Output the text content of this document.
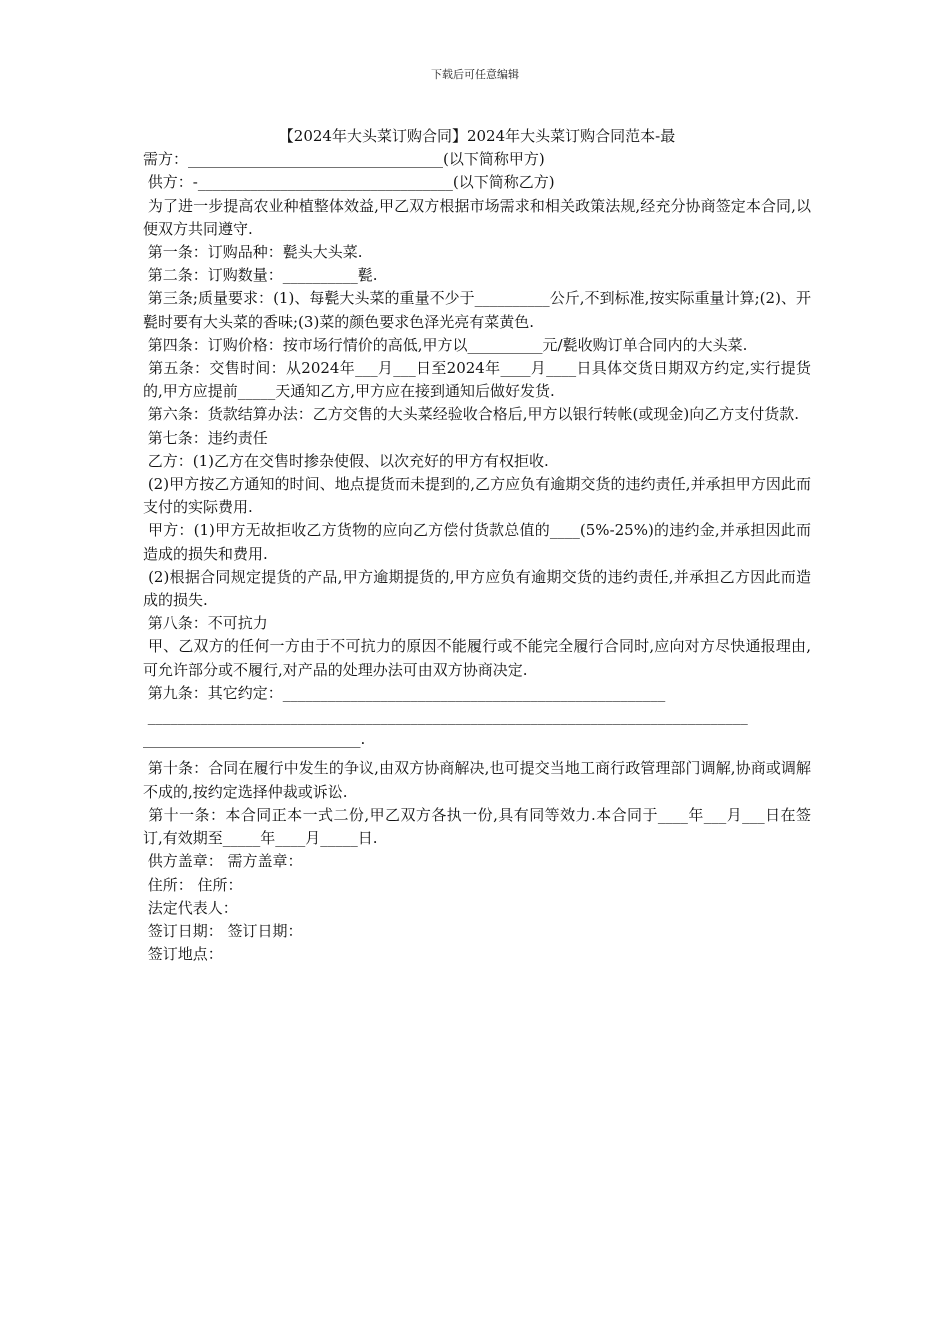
下载后可任意编辑
【2024年大头菜订购合同】2024年大头菜订购合同范本-最
需方：__________________________________(以下简称甲方)
供方：-__________________________________(以下简称乙方)
为了进一步提高农业种植整体效益,甲乙双方根据市场需求和相关政策法规,经充分协商签定本合同,以便双方共同遵守.
第一条：订购品种：甏头大头菜.
第二条：订购数量：__________甏.
第三条;质量要求：(1)、每甏大头菜的重量不少于__________公斤,不到标准,按实际重量计算;(2)、开甏时要有大头菜的香味;(3)菜的颜色要求色泽光亮有菜黄色.
第四条：订购价格：按市场行情价的高低,甲方以__________元/甏收购订单合同内的大头菜.
第五条：交售时间：从2024年___月___日至2024年____月____日具体交货日期双方约定,实行提货的,甲方应提前_____天通知乙方,甲方应在接到通知后做好发货.
第六条：货款结算办法：乙方交售的大头菜经验收合格后,甲方以银行转帐(或现金)向乙方支付货款.
第七条：违约责任
乙方：(1)乙方在交售时掺杂使假、以次充好的甲方有权拒收.
(2)甲方按乙方通知的时间、地点提货而未提到的,乙方应负有逾期交货的违约责任,并承担甲方因此而支付的实际费用.
甲方：(1)甲方无故拒收乙方货物的应向乙方偿付货款总值的____(5%-25%)的违约金,并承担因此而造成的损失和费用.
(2)根据合同规定提货的产品,甲方逾期提货的,甲方应负有逾期交货的违约责任,并承担乙方因此而造成的损失.
第八条：不可抗力
甲、乙双方的任何一方由于不可抗力的原因不能履行或不能完全履行合同时,应向对方尽快通报理由,可允许部分或不履行,对产品的处理办法可由双方协商决定.
第九条：其它约定：___________________________________________________
________________________________________________________________________________
_____________________________.
第十条：合同在履行中发生的争议,由双方协商解决,也可提交当地工商行政管理部门调解,协商或调解不成的,按约定选择仲裁或诉讼.
第十一条：本合同正本一式二份,甲乙双方各执一份,具有同等效力.本合同于____年___月___日在签订,有效期至_____年____月_____日.
供方盖章： 需方盖章：
住所： 住所：
法定代表人：
签订日期： 签订日期：
签订地点：
